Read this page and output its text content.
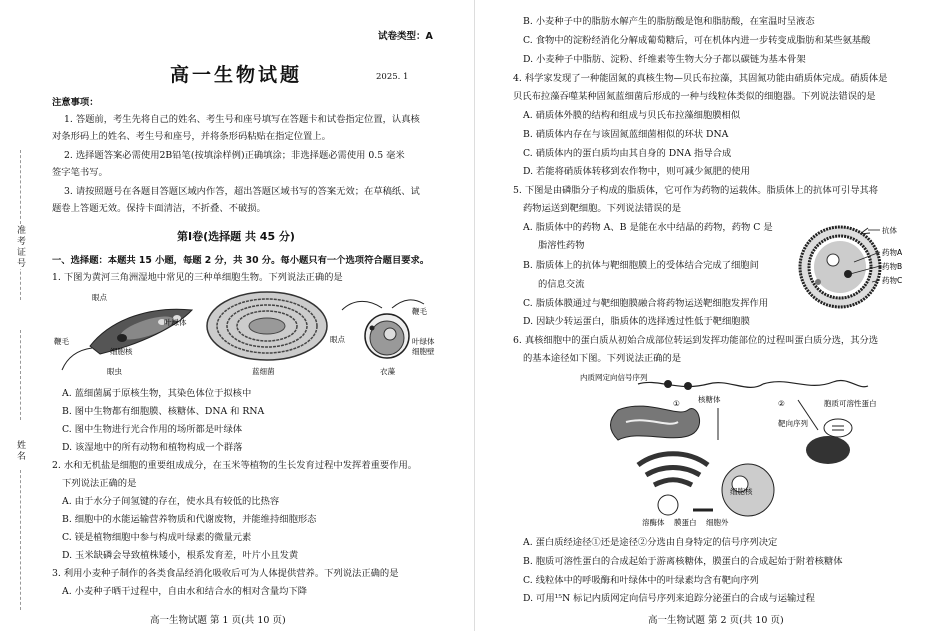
准考证号
姓名
试卷类型：A
高一生物试题	2025. 1
注意事项：
1. 答题前，考生先将自己的姓名、考生号和座号填写在答题卡和试卷指定位置，认真核
对条形码上的姓名、考生号和座号，并将条形码粘贴在指定位置上。
2. 选择题答案必需使用2B铅笔(按填涂样例)正确填涂；非选择题必需使用 0.5 毫米
签字笔书写。
3. 请按照题号在各题目答题区域内作答，超出答题区域书写的答案无效；在草稿纸、试
题卷上答题无效。保持卡面清洁，不折叠、不破损。
第Ⅰ卷(选择题 共 45 分)
一、选择题：本题共 15 小题，每题 2 分，共 30 分。每小题只有一个选项符合题目要求。
1. 下图为黄河三角洲湿地中常见的三种单细胞生物。下列说法正确的是
眼点
叶绿体
鞭毛
细胞核
眼虫	蓝细菌
鞭毛
眼点	叶绿体
细胞壁
衣藻
A. 蓝细菌属于原核生物，其染色体位于拟核中
B. 图中生物都有细胞膜、核糖体、DNA 和 RNA
C. 图中生物进行光合作用的场所都是叶绿体
D. 该湿地中的所有动物和植物构成一个群落
2. 水和无机盐是细胞的重要组成成分，在玉米等植物的生长发育过程中发挥着重要作用。
下列说法正确的是
A. 由于水分子间氢键的存在，使水具有较低的比热容
B. 细胞中的水能运输营养物质和代谢废物，并能维持细胞形态
C. 镁是植物细胞中参与构成叶绿素的微量元素
D. 玉米缺磷会导致植株矮小，根系发育差，叶片小且发黄
3. 利用小麦种子制作的各类食品经消化吸收后可为人体提供营养。下列说法正确的是
A. 小麦种子晒干过程中，自由水和结合水的相对含量均下降
高一生物试题 第 1 页(共 10 页)
B. 小麦种子中的脂肪水解产生的脂肪酸是饱和脂肪酸，在室温时呈液态
C. 食物中的淀粉经消化分解成葡萄糖后，可在机体内进一步转变成脂肪和某些氨基酸
D. 小麦种子中脂肪、淀粉、纤维素等生物大分子都以碳链为基本骨架
4. 科学家发现了一种能固氮的真核生物—贝氏布拉藻，其固氮功能由硝质体完成。硝质体是
贝氏布拉藻吞噬某种固氮蓝细菌后形成的一种与线粒体类似的细胞器。下列说法错误的是
A. 硝质体外膜的结构和组成与贝氏布拉藻细胞膜相似
B. 硝质体内存在与该固氮蓝细菌相似的环状 DNA
C. 硝质体内的蛋白质均由其自身的 DNA 指导合成
D. 若能将硝质体转移到农作物中，则可减少氮肥的使用
5. 下图是由磷脂分子构成的脂质体，它可作为药物的运载体。脂质体上的抗体可引导其将
药物运送到靶细胞。下列说法错误的是
A. 脂质体中的药物 A、B 是能在水中结晶的药物，药物 C 是
脂溶性药物
B. 脂质体上的抗体与靶细胞膜上的受体结合完成了细胞间
的信息交流
C. 脂质体膜通过与靶细胞膜融合将药物运送靶细胞发挥作用
D. 因缺少转运蛋白，脂质体的选择透过性低于靶细胞膜
抗体
药物A
药物B
药物C
6. 真核细胞中的蛋白质从初始合成部位转运到发挥功能部位的过程叫蛋白质分选，其分选
的基本途径如下图。下列说法正确的是
内质网定向信号序列
核糖体
①	②	胞质可溶性蛋白
靶向序列
细胞核
溶酶体 膜蛋白 细胞外
A. 蛋白质经途径①还是途径②分选由自身特定的信号序列决定
B. 胞质可溶性蛋白的合成起始于游离核糖体，膜蛋白的合成起始于附着核糖体
C. 线粒体中的呼吸酶和叶绿体中的叶绿素均含有靶向序列
D. 可用¹⁵N 标记内质网定向信号序列来追踪分泌蛋白的合成与运输过程
高一生物试题 第 2 页(共 10 页)
